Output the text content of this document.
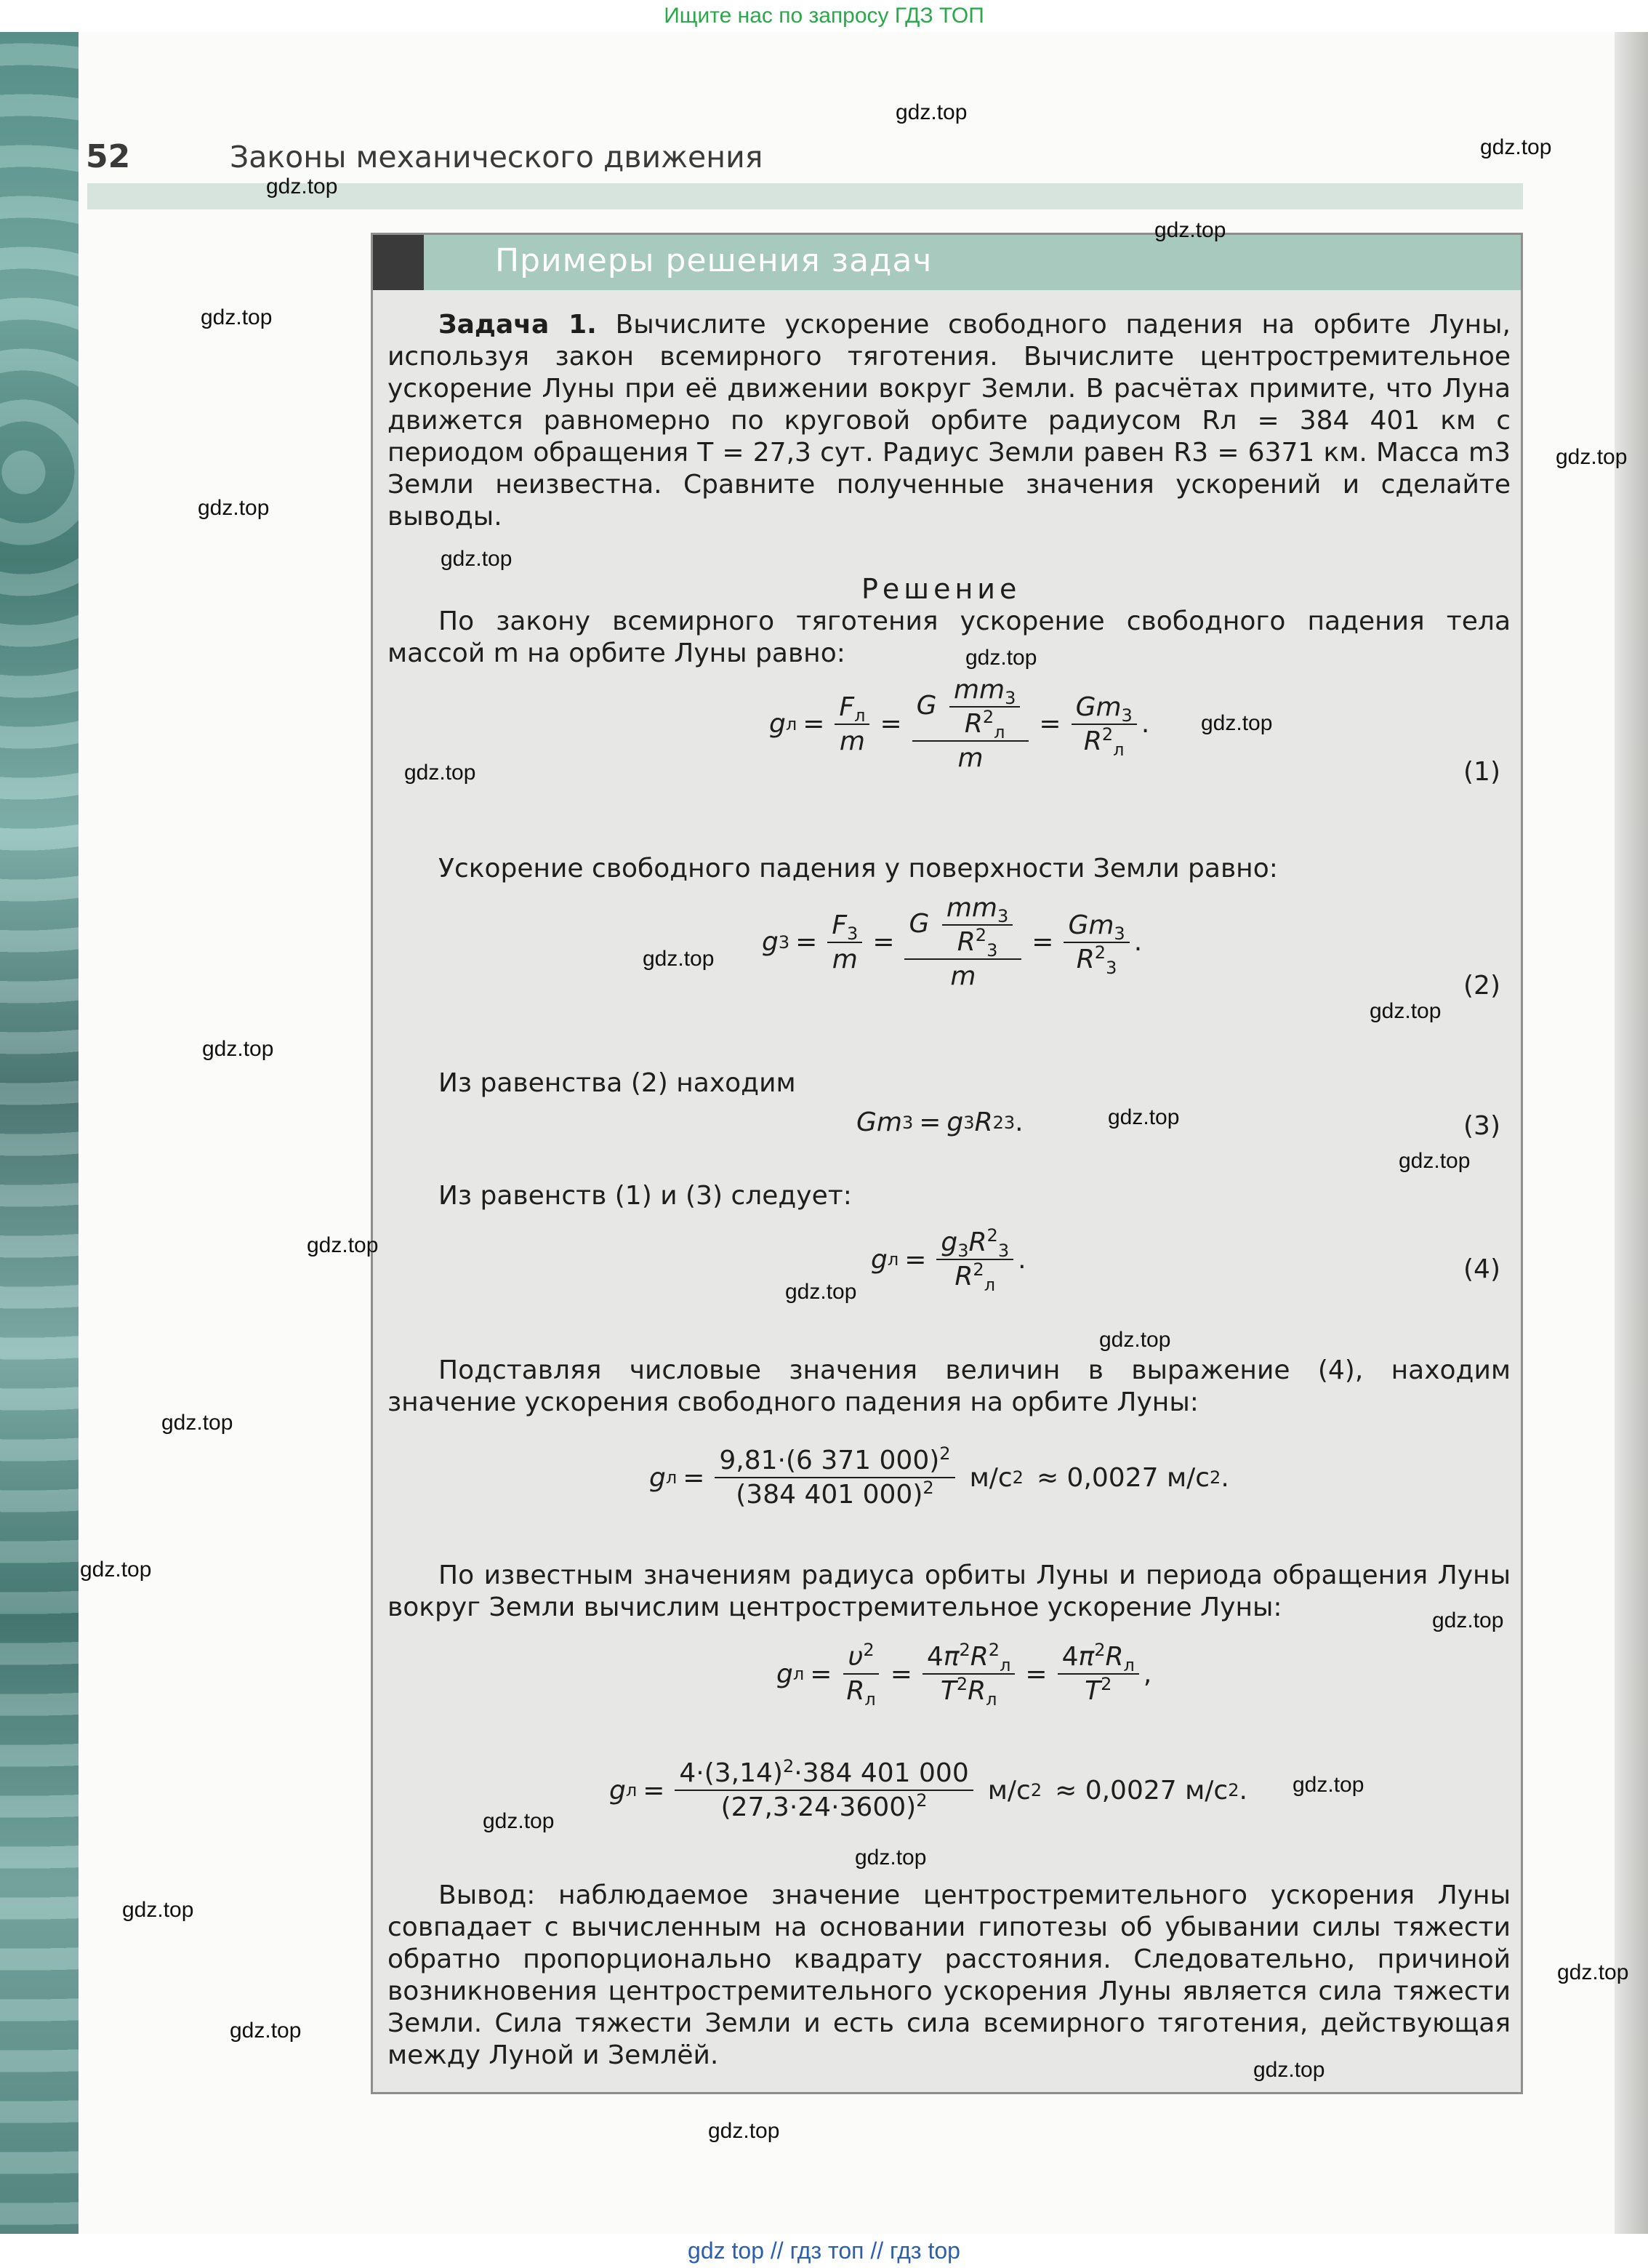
Ищите нас по запросу ГДЗ ТОП
52	Законы механического движения
Примеры решения задач
Задача 1. Вычислите ускорение свободного падения на орбите Луны, используя закон всемирного тяготения. Вычислите центростремительное ускорение Луны при её движении вокруг Земли. В расчётах примите, что Луна движется равномерно по круговой орбите радиусом Rл = 384 401 км с периодом обращения T = 27,3 сут. Радиус Земли равен R3 = 6371 км. Масса m3 Земли неизвестна. Сравните полученные значения ускорений и сделайте выводы.
Решение
По закону всемирного тяготения ускорение свободного падения тела массой m на орбите Луны равно:
g $л = \frac{F_л}{m} = \frac{G \frac{mm_3}{R^2_л}}{m} = \frac{Gm_3}{R^2_л}$ .
(1)
Ускорение свободного падения у поверхности Земли равно:
g $3 = \frac{F_3}{m} = \frac{G \frac{mm_3}{R^2_3}}{m} = \frac{Gm_3}{R^2_3}$ .
(2)
Из равенства (2) находим
Gm 3 = g 3 R 2 3 .	(3)
Из равенств (1) и (3) следует:
g $л = \frac{g_3R^2_3}{R^2_л}$ .	(4)
Подставляя числовые значения величин в выражение (4), находим значение ускорения свободного падения на орбите Луны:
g $л = \frac{9,81\cdot(6 371 000)^2}{(384 401 000)^2} м/с$ 2 ≈ 0,0027 м/с 2 .
По известным значениям радиуса орбиты Луны и периода обращения Луны вокруг Земли вычислим центростремительное ускорение Луны:
g $л = \frac{\upsilon^2}{R_л} = \frac{4\pi^2R^2_л}{T^2R_л} = \frac{4\pi^2R_л}{T^2}$ ,
g $л = \frac{4\cdot(3,14)^2\cdot 384 401 000}{(27,3\cdot 24\cdot 3600)^2} м/с$ 2 ≈ 0,0027 м/с 2 .
Вывод: наблюдаемое значение центростремительного ускорения Луны совпадает с вычисленным на основании гипотезы об убывании силы тяжести обратно пропорционально квадрату расстояния. Следовательно, причиной возникновения центростремительного ускорения Луны является сила тяжести Земли. Сила тяжести Земли и есть сила всемирного тяготения, действующая между Луной и Землёй.
gdz.top
gdz.top
gdz.top
gdz.top
gdz.top
gdz.top
gdz.top
gdz.top
gdz.top
gdz.top
gdz.top
gdz.top
gdz.top
gdz.top
gdz.top
gdz.top
gdz.top
gdz.top
gdz.top
gdz.top
gdz.top
gdz.top
gdz.top
gdz.top
gdz.top
gdz.top
gdz.top
gdz.top
gdz.top
gdz.top
gdz top // гдз топ // гдз top
